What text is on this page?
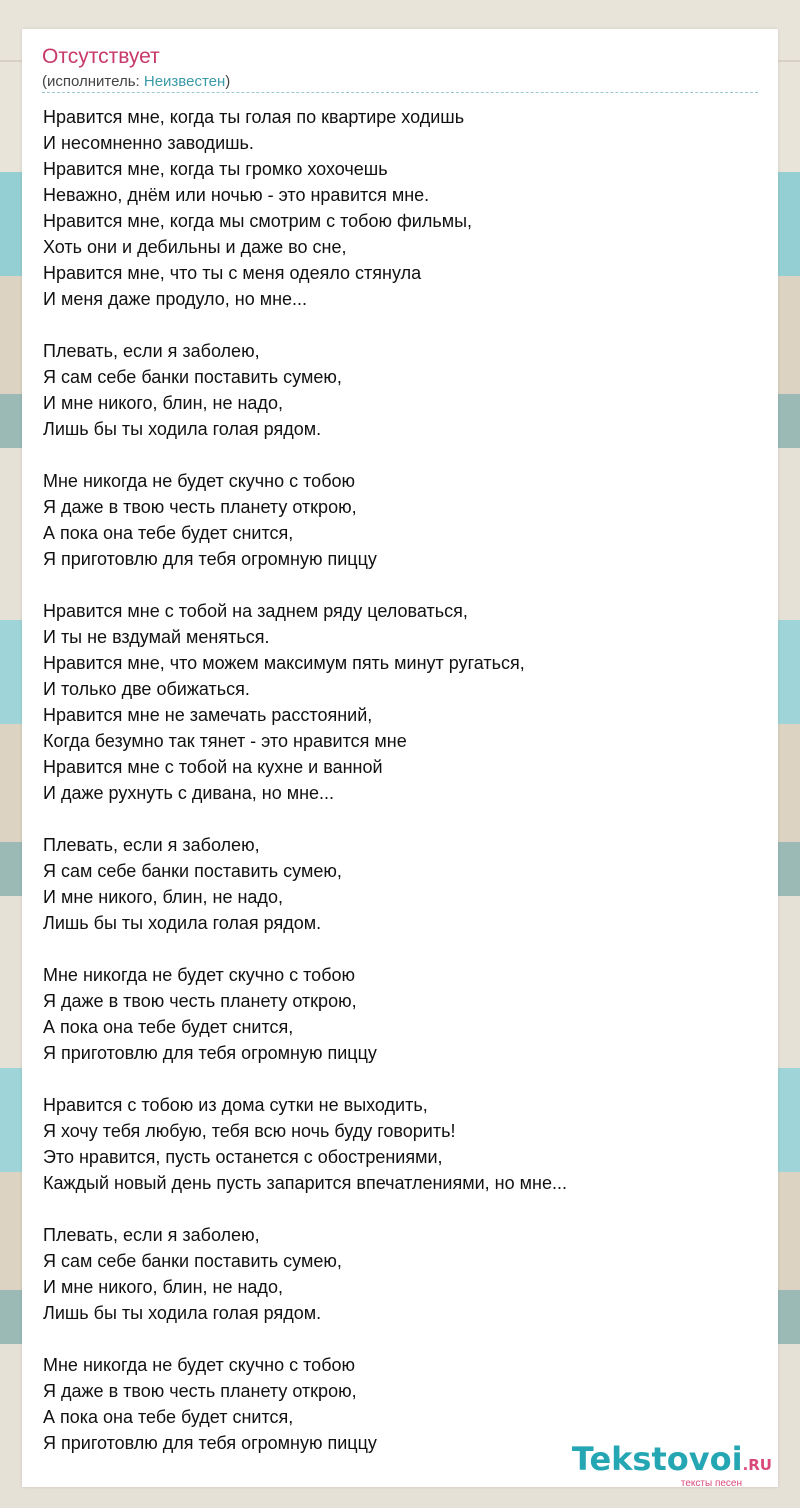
Отсутствует
(исполнитель: Неизвестен)
Нравится мне, когда ты голая по квартире ходишь
И несомненно заводишь.
Нравится мне, когда ты громко хохочешь
Неважно, днём или ночью - это нравится мне.
Нравится мне, когда мы смотрим с тобою фильмы,
Хоть они и дебильны и даже во сне,
Нравится мне, что ты с меня одеяло стянула
И меня даже продуло, но мне...
Плевать, если я заболею,
Я сам себе банки поставить сумею,
И мне никого, блин, не надо,
Лишь бы ты ходила голая рядом.
Мне никогда не будет скучно с тобою
Я даже в твою честь планету открою,
А пока она тебе будет снится,
Я приготовлю для тебя огромную пиццу
Нравится мне с тобой на заднем ряду целоваться,
И ты не вздумай меняться.
Нравится мне, что можем максимум пять минут ругаться,
И только две обижаться.
Нравится мне не замечать расстояний,
Когда безумно так тянет - это нравится мне
Нравится мне с тобой на кухне и ванной
И даже рухнуть с дивана, но мне...
Плевать, если я заболею,
Я сам себе банки поставить сумею,
И мне никого, блин, не надо,
Лишь бы ты ходила голая рядом.
Мне никогда не будет скучно с тобою
Я даже в твою честь планету открою,
А пока она тебе будет снится,
Я приготовлю для тебя огромную пиццу
Нравится с тобою из дома сутки не выходить,
Я хочу тебя любую, тебя всю ночь буду говорить!
Это нравится, пусть останется с обострениями,
Каждый новый день пусть запарится впечатлениями, но мне...
Плевать, если я заболею,
Я сам себе банки поставить сумею,
И мне никого, блин, не надо,
Лишь бы ты ходила голая рядом.
Мне никогда не будет скучно с тобою
Я даже в твою честь планету открою,
А пока она тебе будет снится,
Я приготовлю для тебя огромную пиццу	Tekstovoi.RU
тексты песен
